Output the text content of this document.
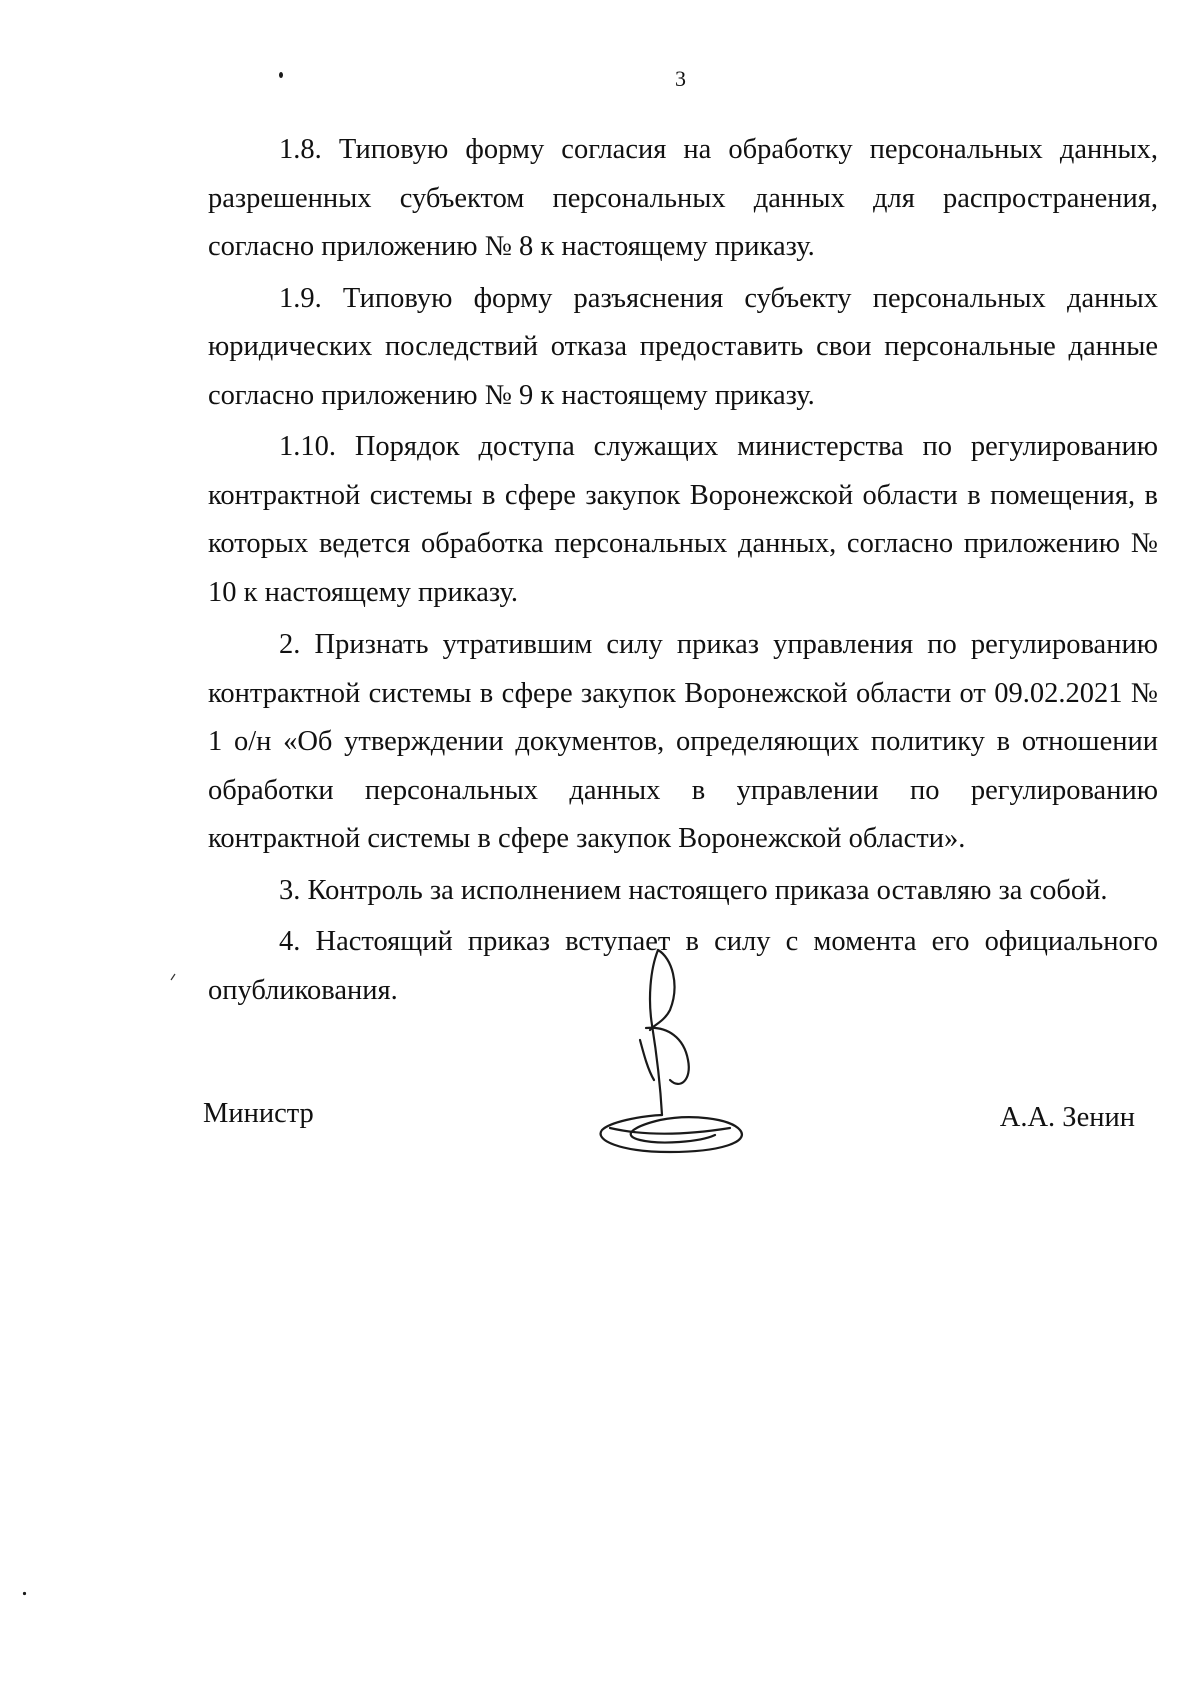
3

1.8. Типовую форму согласия на обработку персональных данных, разрешенных субъектом персональных данных для распространения, согласно приложению № 8 к настоящему приказу.

1.9. Типовую форму разъяснения субъекту персональных данных юридических последствий отказа предоставить свои персональные данные согласно приложению № 9 к настоящему приказу.

1.10. Порядок доступа служащих министерства по регулированию контрактной системы в сфере закупок Воронежской области в помещения, в которых ведется обработка персональных данных, согласно приложению № 10 к настоящему приказу.

2. Признать утратившим силу приказ управления по регулированию контрактной системы в сфере закупок Воронежской области от 09.02.2021 № 1 о/н «Об утверждении документов, определяющих политику в отношении обработки персональных данных в управлении по регулированию контрактной системы в сфере закупок Воронежской области».

3. Контроль за исполнением настоящего приказа оставляю за собой.

4. Настоящий приказ вступает в силу с момента его официального опубликования.

Министр	А.А. Зенин
